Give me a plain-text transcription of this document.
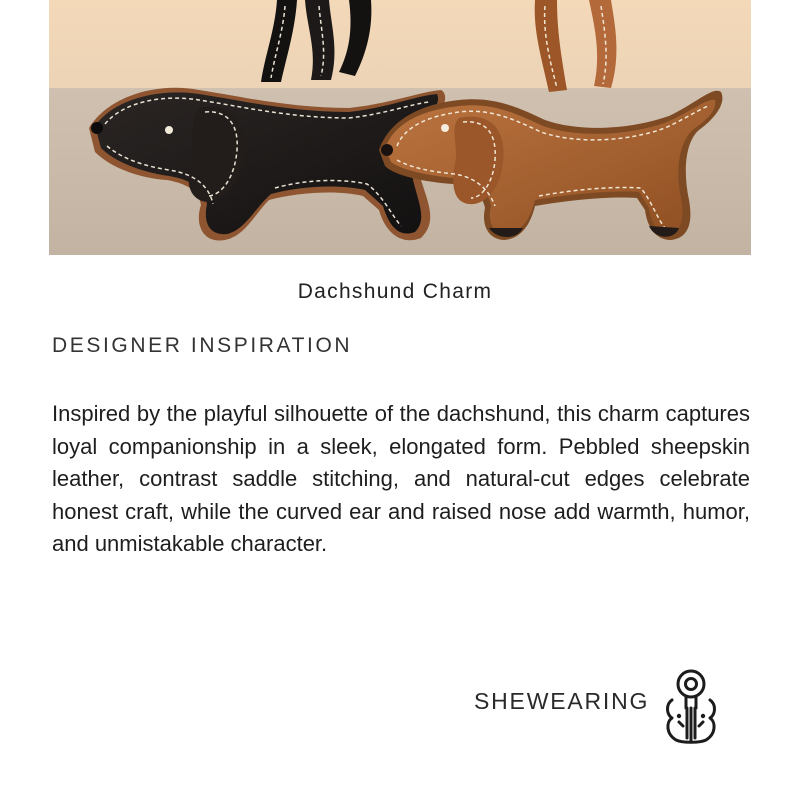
Dachshund Charm
DESIGNER INSPIRATION
Inspired by the playful silhouette of the dachshund, this charm captures loyal companionship in a sleek, elongated form. Pebbled sheepskin leather, contrast saddle stitching, and natural-cut edges celebrate honest craft, while the curved ear and raised nose add warmth, humor, and unmistakable character.
SHEWEARING
